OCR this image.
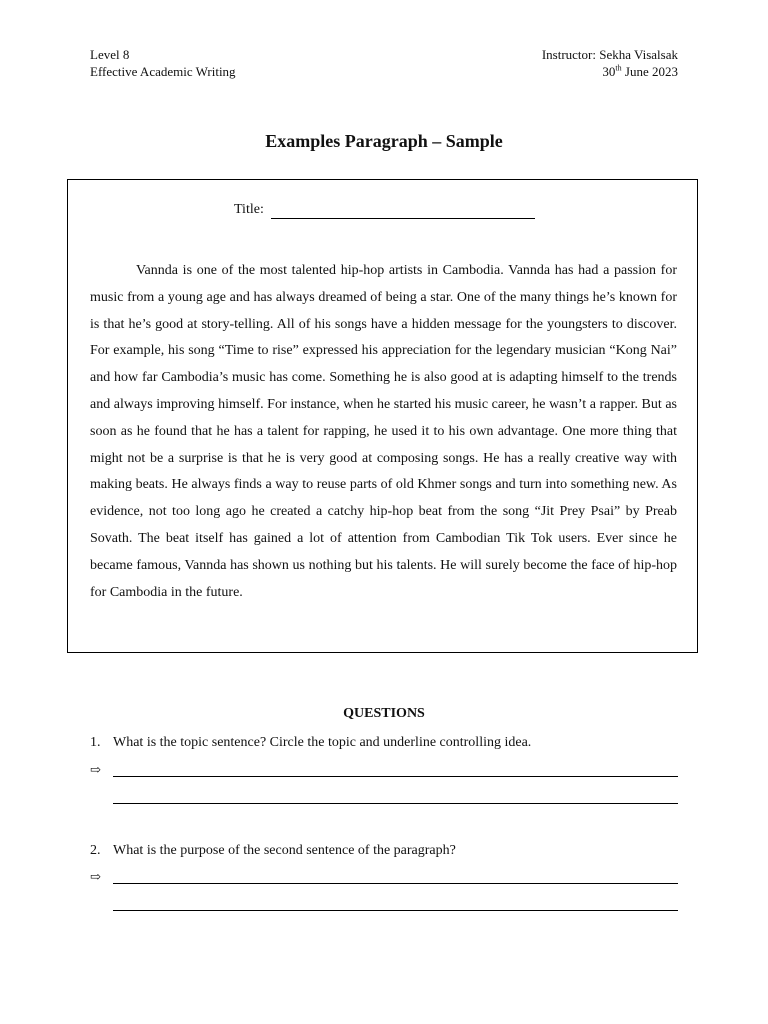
Level 8
Effective Academic Writing
Instructor: Sekha Visalsak
30th June 2023
Examples Paragraph – Sample
Title:

Vannda is one of the most talented hip-hop artists in Cambodia. Vannda has had a passion for music from a young age and has always dreamed of being a star. One of the many things he’s known for is that he’s good at story-telling. All of his songs have a hidden message for the youngsters to discover. For example, his song “Time to rise” expressed his appreciation for the legendary musician “Kong Nai” and how far Cambodia’s music has come. Something he is also good at is adapting himself to the trends and always improving himself. For instance, when he started his music career, he wasn’t a rapper. But as soon as he found that he has a talent for rapping, he used it to his own advantage. One more thing that might not be a surprise is that he is very good at composing songs. He has a really creative way with making beats. He always finds a way to reuse parts of old Khmer songs and turn into something new. As evidence, not too long ago he created a catchy hip-hop beat from the song “Jit Prey Psai” by Preab Sovath. The beat itself has gained a lot of attention from Cambodian Tik Tok users. Ever since he became famous, Vannda has shown us nothing but his talents. He will surely become the face of hip-hop for Cambodia in the future.

QUESTIONS
1. What is the topic sentence? Circle the topic and underline controlling idea.
⇨
2. What is the purpose of the second sentence of the paragraph?
⇨
